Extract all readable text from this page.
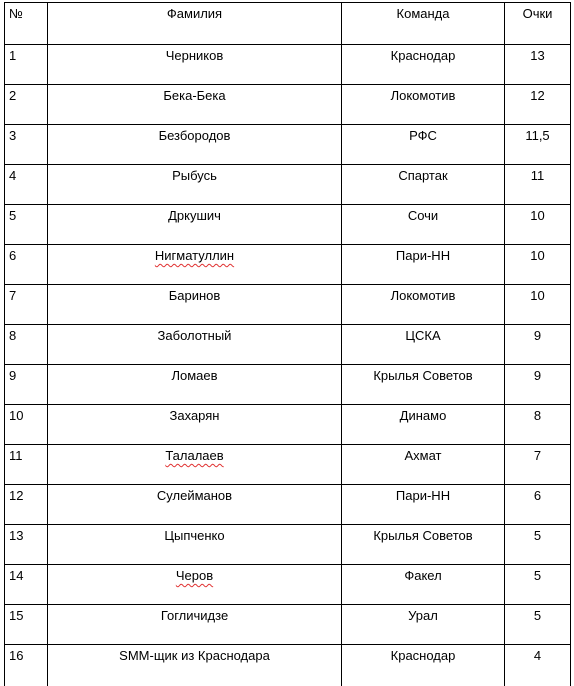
№	Фамилия	Команда	Очки
1	Черников	Краснодар	13
2	Бека-Бека	Локомотив	12
3	Безбородов	РФС	11,5
4	Рыбусь	Спартак	11
5	Дркушич	Сочи	10
6	Нигматуллин	Пари-НН	10
7	Баринов	Локомотив	10
8	Заболотный	ЦСКА	9
9	Ломаев	Крылья Советов	9
10	Захарян	Динамо	8
11	Талалаев	Ахмат	7
12	Сулейманов	Пари-НН	6
13	Цыпченко	Крылья Советов	5
14	Черов	Факел	5
15	Гогличидзе	Урал	5
16	SMM-щик из Краснодара	Краснодар	4
